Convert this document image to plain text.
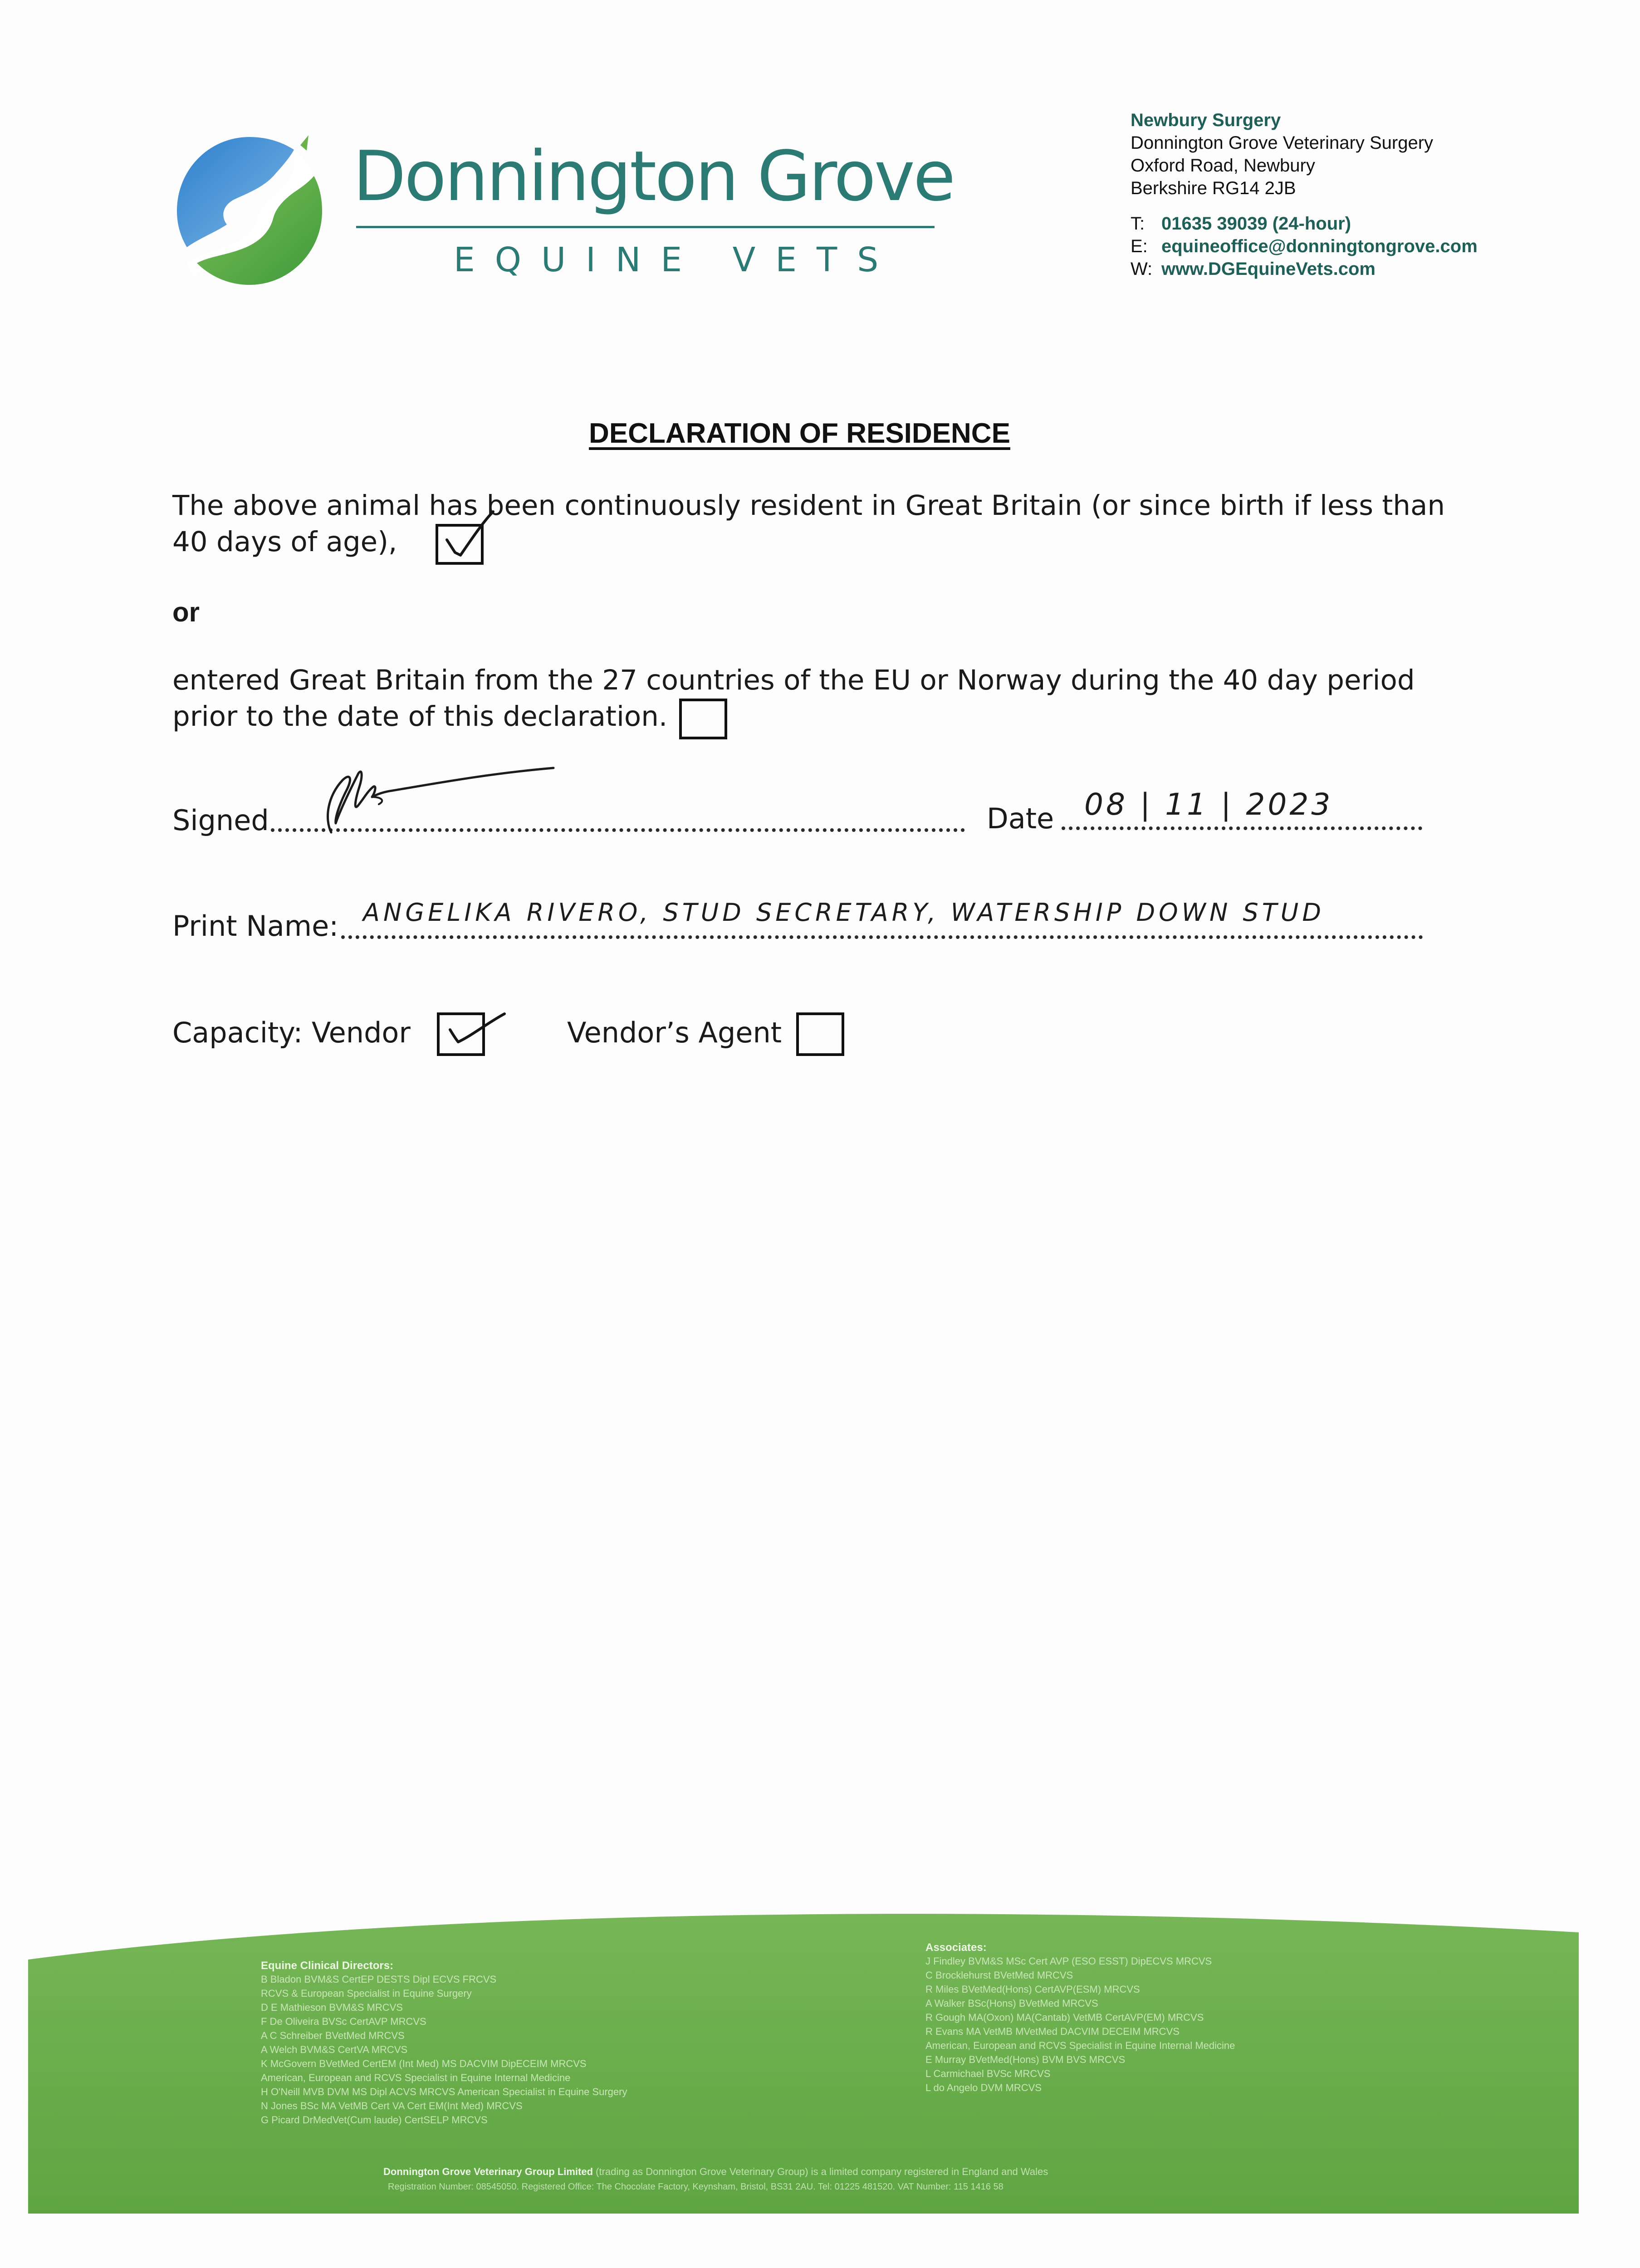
Donnington Grove
EQUINE VETS
Newbury Surgery
Donnington Grove Veterinary Surgery
Oxford Road, Newbury
Berkshire RG14 2JB
T: 01635 39039 (24-hour)
E: equineoffice@donningtongrove.com
W: www.DGEquineVets.com
DECLARATION OF RESIDENCE
The above animal has been continuously resident in Great Britain (or since birth if less than
40 days of age),
or
entered Great Britain from the 27 countries of the EU or Norway during the 40 day period
prior to the date of this declaration.
Signed	Date 08 | 11 | 2023
Print Name: ANGELIKA RIVERO, STUD SECRETARY, WATERSHIP DOWN STUD
Capacity: Vendor	Vendor’s Agent
Equine Clinical Directors:
B Bladon BVM&S CertEP DESTS Dipl ECVS FRCVS
RCVS & European Specialist in Equine Surgery
D E Mathieson BVM&S MRCVS
F De Oliveira BVSc CertAVP MRCVS
A C Schreiber BVetMed MRCVS
A Welch BVM&S CertVA MRCVS
K McGovern BVetMed CertEM (Int Med) MS DACVIM DipECEIM MRCVS
American, European and RCVS Specialist in Equine Internal Medicine
H O'Neill MVB DVM MS Dipl ACVS MRCVS American Specialist in Equine Surgery
N Jones BSc MA VetMB Cert VA Cert EM(Int Med) MRCVS
G Picard DrMedVet(Cum laude) CertSELP MRCVS
Associates:
J Findley BVM&S MSc Cert AVP (ESO ESST) DipECVS MRCVS
C Brocklehurst BVetMed MRCVS
R Miles BVetMed(Hons) CertAVP(ESM) MRCVS
A Walker BSc(Hons) BVetMed MRCVS
R Gough MA(Oxon) MA(Cantab) VetMB CertAVP(EM) MRCVS
R Evans MA VetMB MVetMed DACVIM DECEIM MRCVS
American, European and RCVS Specialist in Equine Internal Medicine
E Murray BVetMed(Hons) BVM BVS MRCVS
L Carmichael BVSc MRCVS
L do Angelo DVM MRCVS
Donnington Grove Veterinary Group Limited (trading as Donnington Grove Veterinary Group) is a limited company registered in England and Wales
Registration Number: 08545050. Registered Office: The Chocolate Factory, Keynsham, Bristol, BS31 2AU. Tel: 01225 481520. VAT Number: 115 1416 58
